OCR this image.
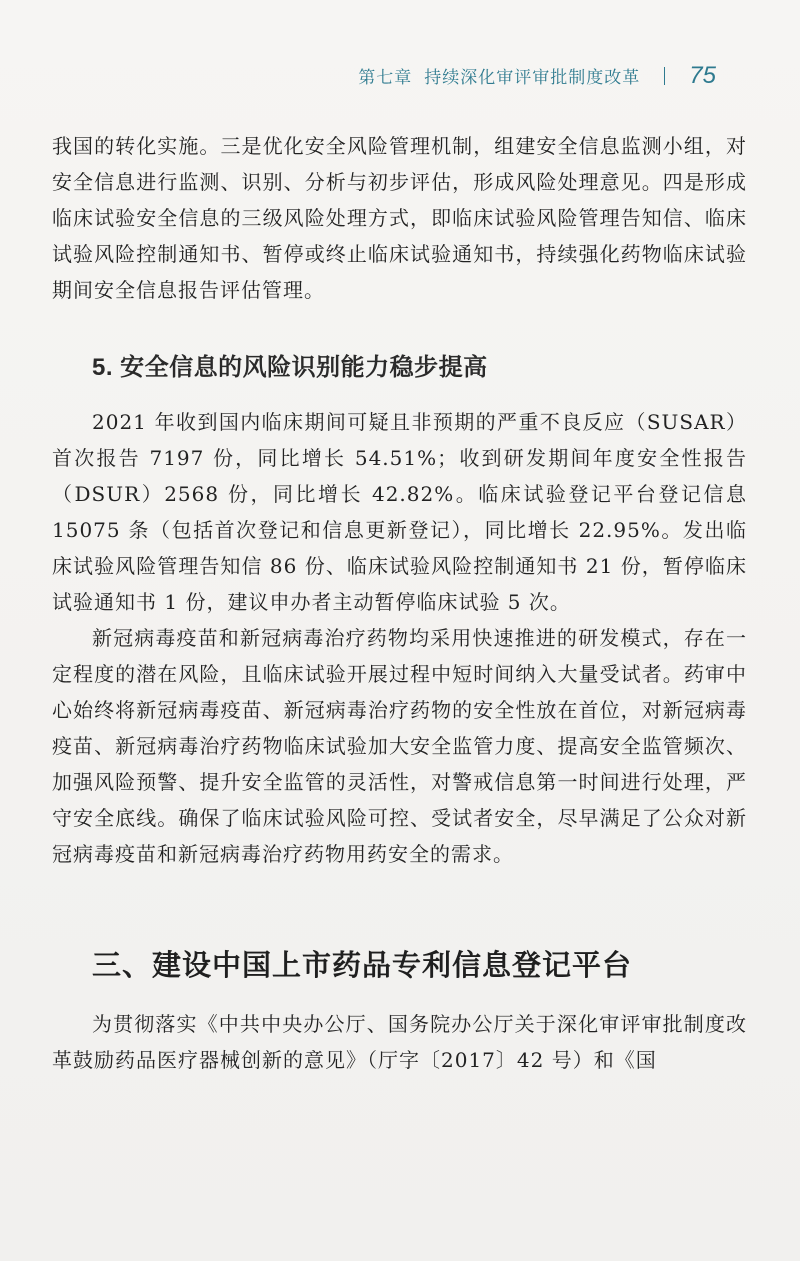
第七章 持续深化审评审批制度改革 75

我国的转化实施。三是优化安全风险管理机制，组建安全信息监测小组，对安全信息进行监测、识别、分析与初步评估，形成风险处理意见。四是形成临床试验安全信息的三级风险处理方式，即临床试验风险管理告知信、临床试验风险控制通知书、暂停或终止临床试验通知书，持续强化药物临床试验期间安全信息报告评估管理。

5. 安全信息的风险识别能力稳步提高

2021 年收到国内临床期间可疑且非预期的严重不良反应（SUSAR）首次报告 7197 份，同比增长 54.51%；收到研发期间年度安全性报告（DSUR）2568 份，同比增长 42.82%。临床试验登记平台登记信息 15075 条（包括首次登记和信息更新登记），同比增长 22.95%。发出临床试验风险管理告知信 86 份、临床试验风险控制通知书 21 份，暂停临床试验通知书 1 份，建议申办者主动暂停临床试验 5 次。

新冠病毒疫苗和新冠病毒治疗药物均采用快速推进的研发模式，存在一定程度的潜在风险，且临床试验开展过程中短时间纳入大量受试者。药审中心始终将新冠病毒疫苗、新冠病毒治疗药物的安全性放在首位，对新冠病毒疫苗、新冠病毒治疗药物临床试验加大安全监管力度、提高安全监管频次、加强风险预警、提升安全监管的灵活性，对警戒信息第一时间进行处理，严守安全底线。确保了临床试验风险可控、受试者安全，尽早满足了公众对新冠病毒疫苗和新冠病毒治疗药物用药安全的需求。

三、建设中国上市药品专利信息登记平台

为贯彻落实《中共中央办公厅、国务院办公厅关于深化审评审批制度改革鼓励药品医疗器械创新的意见》（厅字〔2017〕42 号）和《国
